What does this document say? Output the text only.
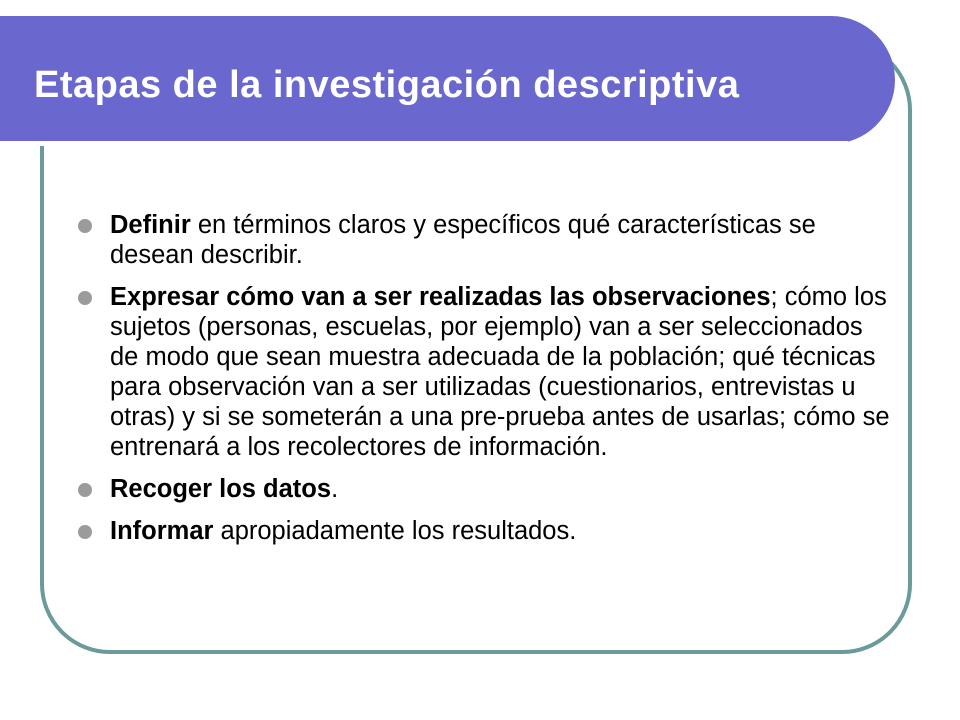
Etapas de la investigación descriptiva
Definir en términos claros y específicos qué características se desean describir.
Expresar cómo van a ser realizadas las observaciones; cómo los sujetos (personas, escuelas, por ejemplo) van a ser seleccionados de modo que sean muestra adecuada de la población; qué técnicas para observación van a ser utilizadas (cuestionarios, entrevistas u otras) y si se someterán a una pre-prueba antes de usarlas; cómo se entrenará a los recolectores de información.
Recoger los datos.
Informar apropiadamente los resultados.
